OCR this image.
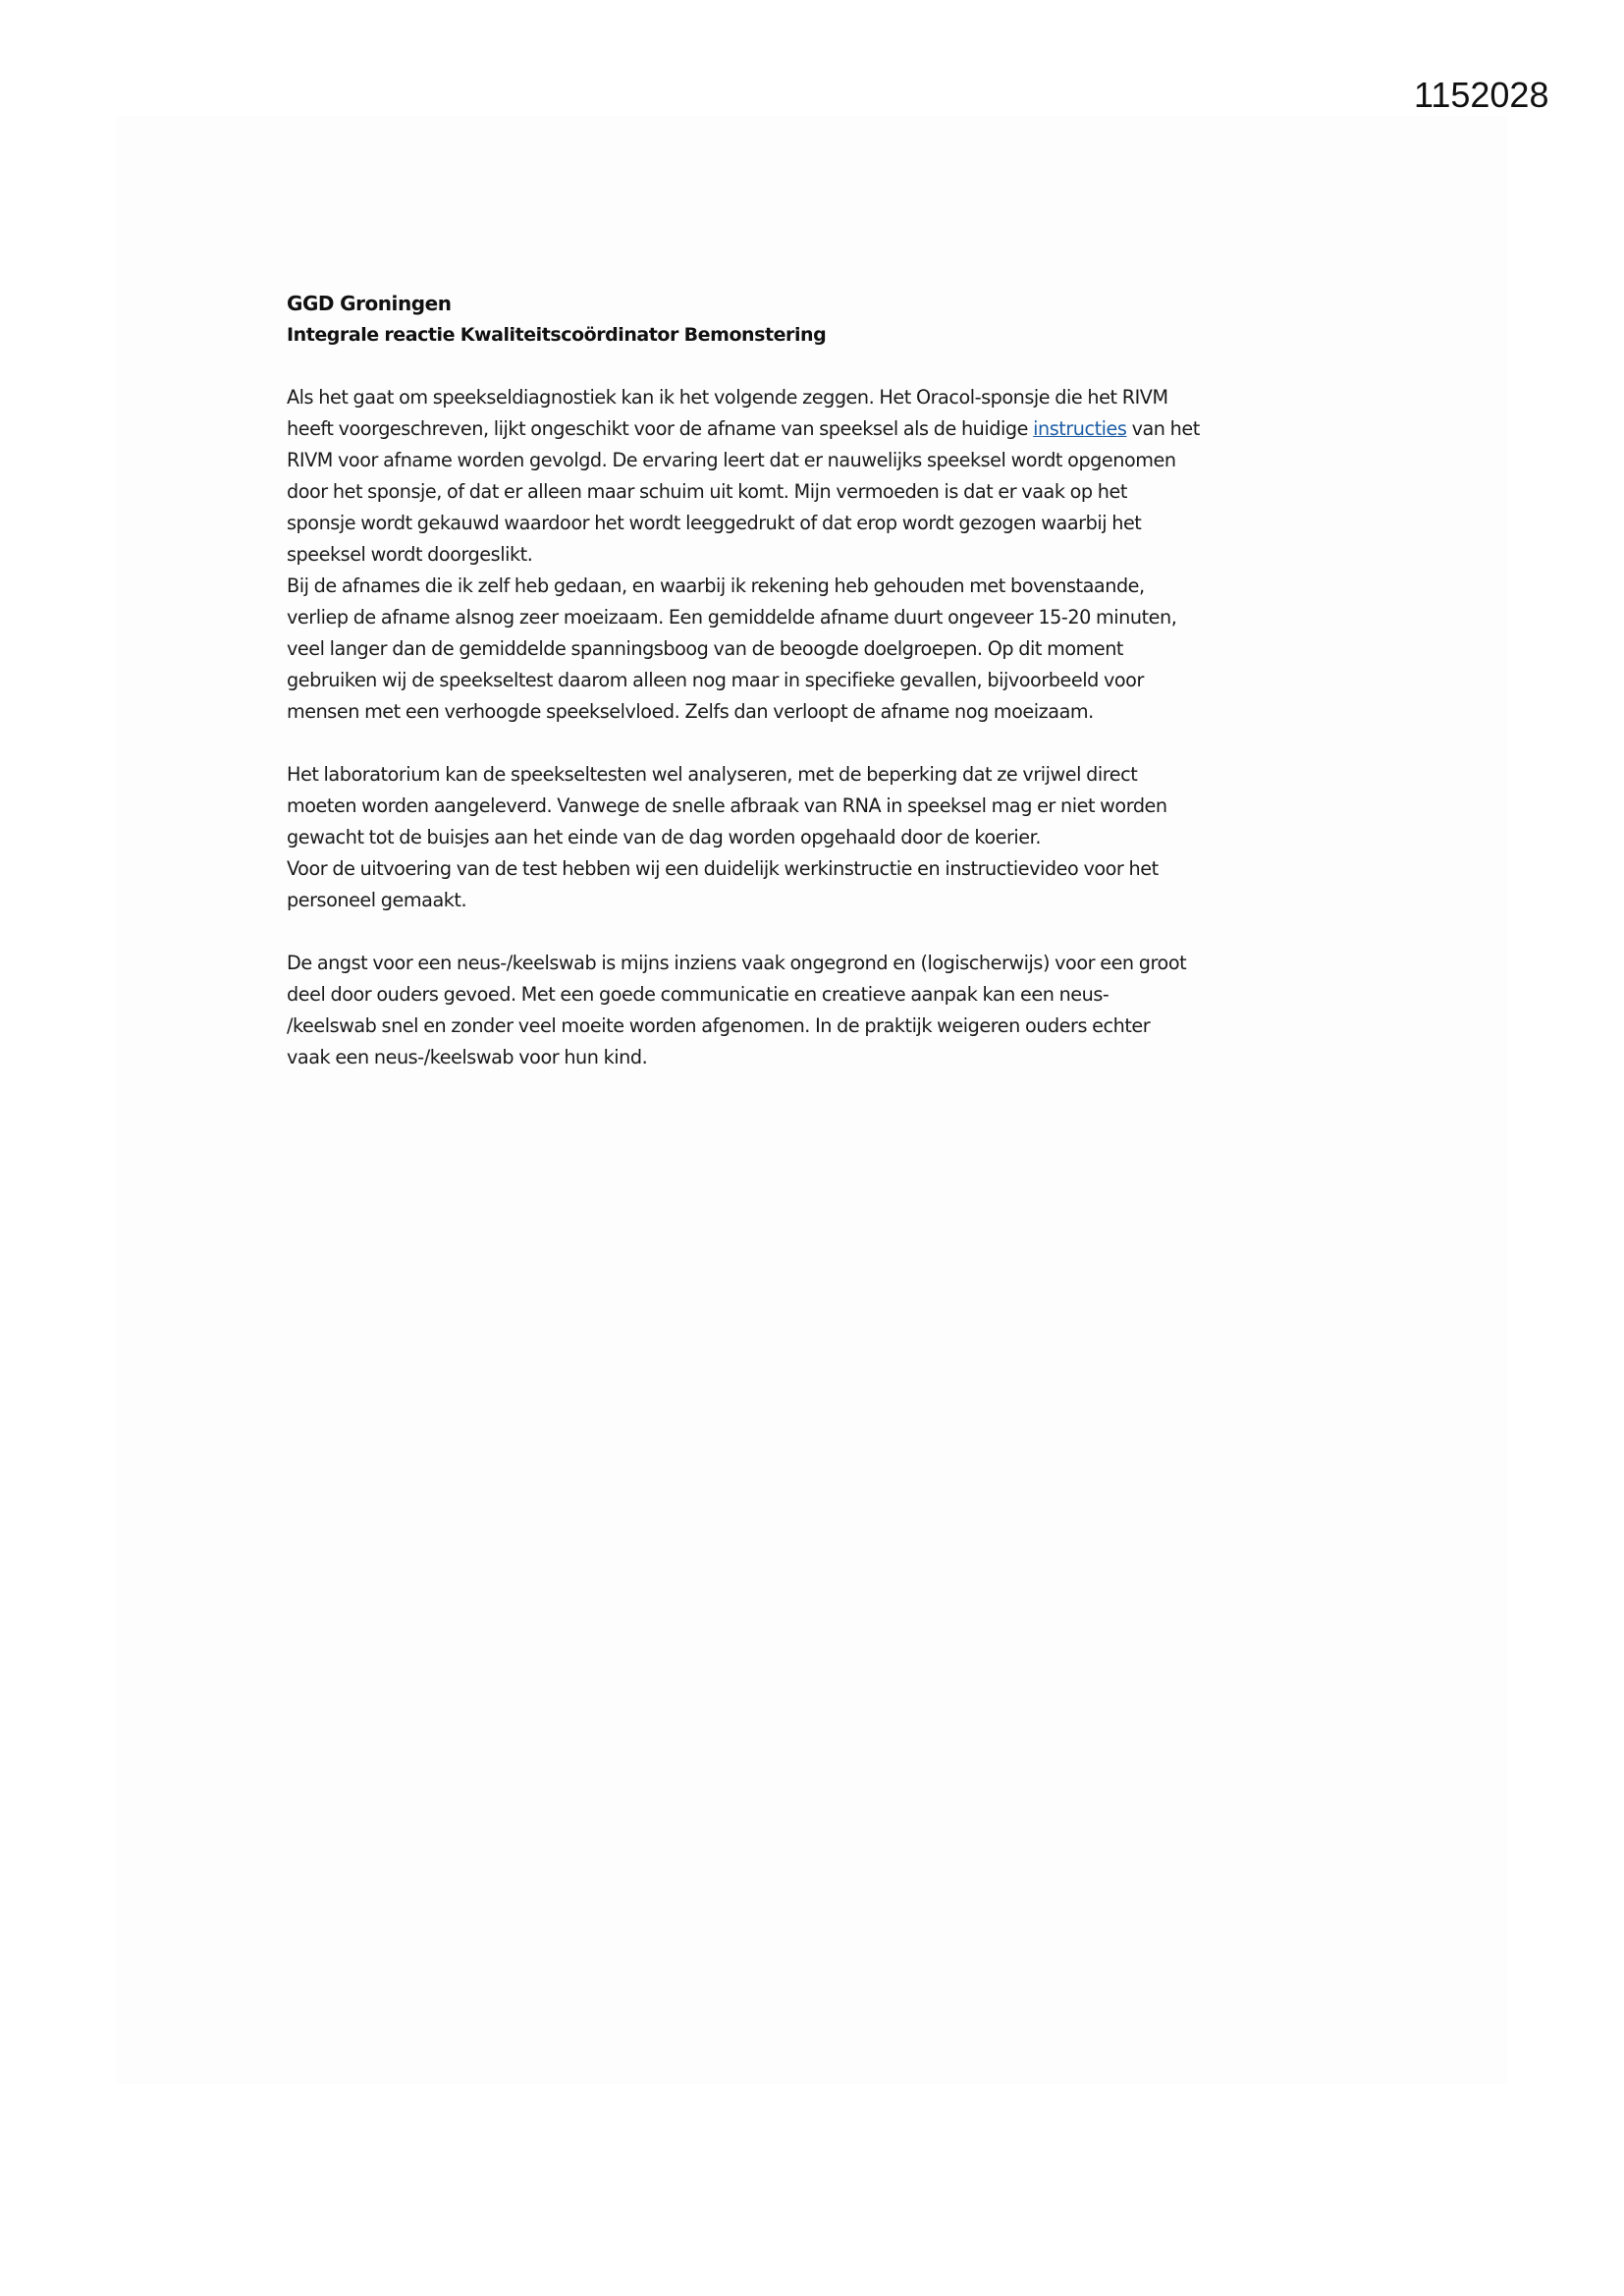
1152028

GGD Groningen

Integrale reactie Kwaliteitscoördinator Bemonstering

Als het gaat om speekseldiagnostiek kan ik het volgende zeggen. Het Oracol-sponsje die het RIVM
heeft voorgeschreven, lijkt ongeschikt voor de afname van speeksel als de huidige instructies van het
RIVM voor afname worden gevolgd. De ervaring leert dat er nauwelijks speeksel wordt opgenomen
door het sponsje, of dat er alleen maar schuim uit komt. Mijn vermoeden is dat er vaak op het
sponsje wordt gekauwd waardoor het wordt leeggedrukt of dat erop wordt gezogen waarbij het
speeksel wordt doorgeslikt.
Bij de afnames die ik zelf heb gedaan, en waarbij ik rekening heb gehouden met bovenstaande,
verliep de afname alsnog zeer moeizaam. Een gemiddelde afname duurt ongeveer 15-20 minuten,
veel langer dan de gemiddelde spanningsboog van de beoogde doelgroepen. Op dit moment
gebruiken wij de speekseltest daarom alleen nog maar in specifieke gevallen, bijvoorbeeld voor
mensen met een verhoogde speekselvloed. Zelfs dan verloopt de afname nog moeizaam.
Het laboratorium kan de speekseltesten wel analyseren, met de beperking dat ze vrijwel direct
moeten worden aangeleverd. Vanwege de snelle afbraak van RNA in speeksel mag er niet worden
gewacht tot de buisjes aan het einde van de dag worden opgehaald door de koerier.
Voor de uitvoering van de test hebben wij een duidelijk werkinstructie en instructievideo voor het
personeel gemaakt.
De angst voor een neus-/keelswab is mijns inziens vaak ongegrond en (logischerwijs) voor een groot
deel door ouders gevoed. Met een goede communicatie en creatieve aanpak kan een neus-
/keelswab snel en zonder veel moeite worden afgenomen. In de praktijk weigeren ouders echter
vaak een neus-/keelswab voor hun kind.
